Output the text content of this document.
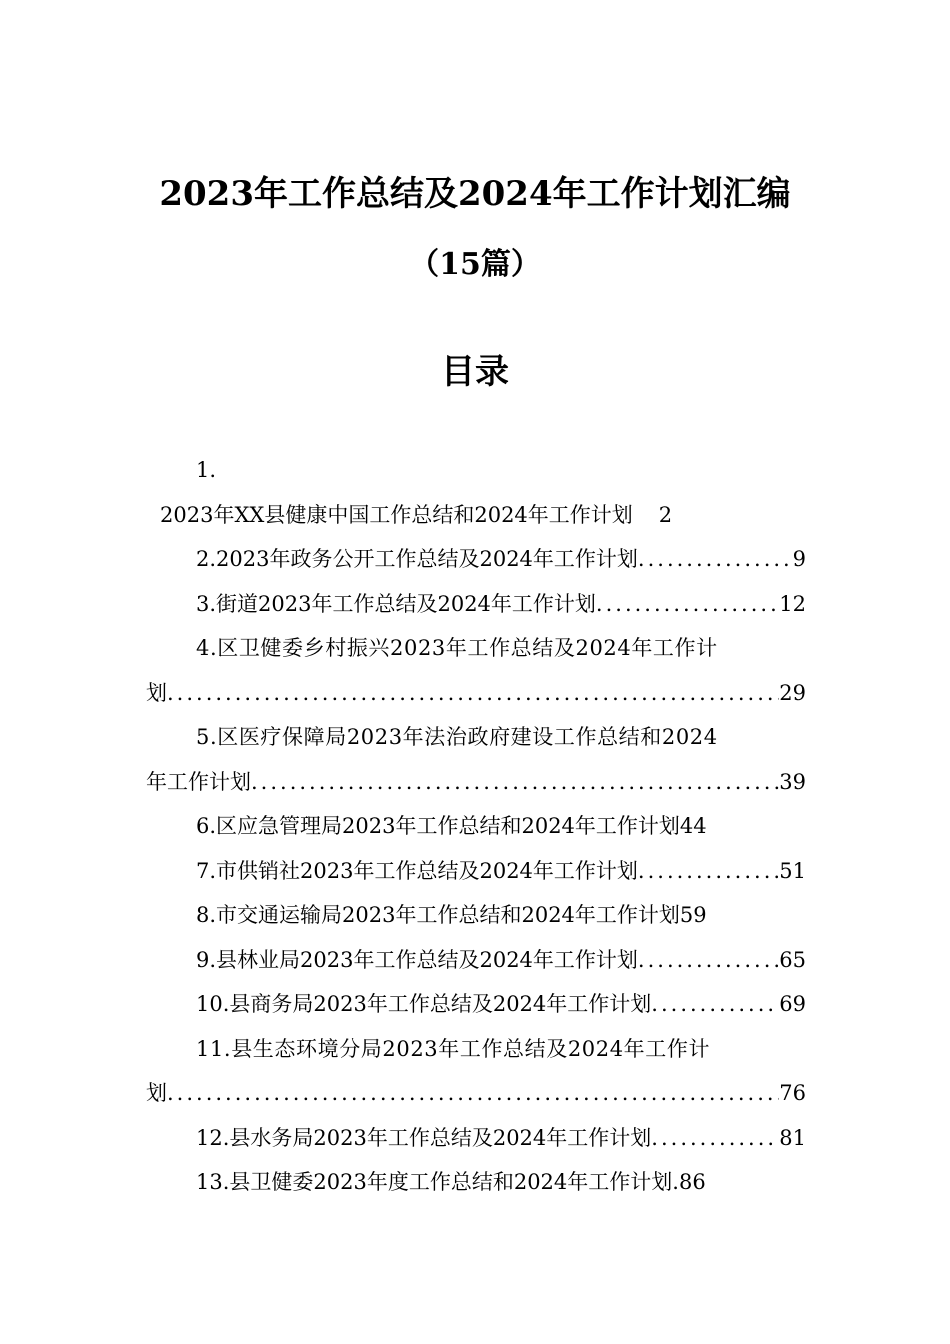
2023年工作总结及2024年工作计划汇编
（15篇）
目录
1.
2023年XX县健康中国工作总结和2024年工作计划 2
2.2023年政务公开工作总结及2024年工作计划 .....	9
3.街道2023年工作总结及2024年工作计划 .....	12
4.区卫健委乡村振兴2023年工作总结及2024年工作计
划 .....	29
5.区医疗保障局2023年法治政府建设工作总结和2024
年工作计划 .....	39
6.区应急管理局2023年工作总结和2024年工作计划 44
7.市供销社2023年工作总结及2024年工作计划 .....	51
8.市交通运输局2023年工作总结和2024年工作计划 59
9.县林业局2023年工作总结及2024年工作计划 .....	65
10.县商务局2023年工作总结及2024年工作计划 .....	69
11.县生态环境分局2023年工作总结及2024年工作计
划 .....	76
12.县水务局2023年工作总结及2024年工作计划 .....	81
13.县卫健委2023年度工作总结和2024年工作计划. 86
